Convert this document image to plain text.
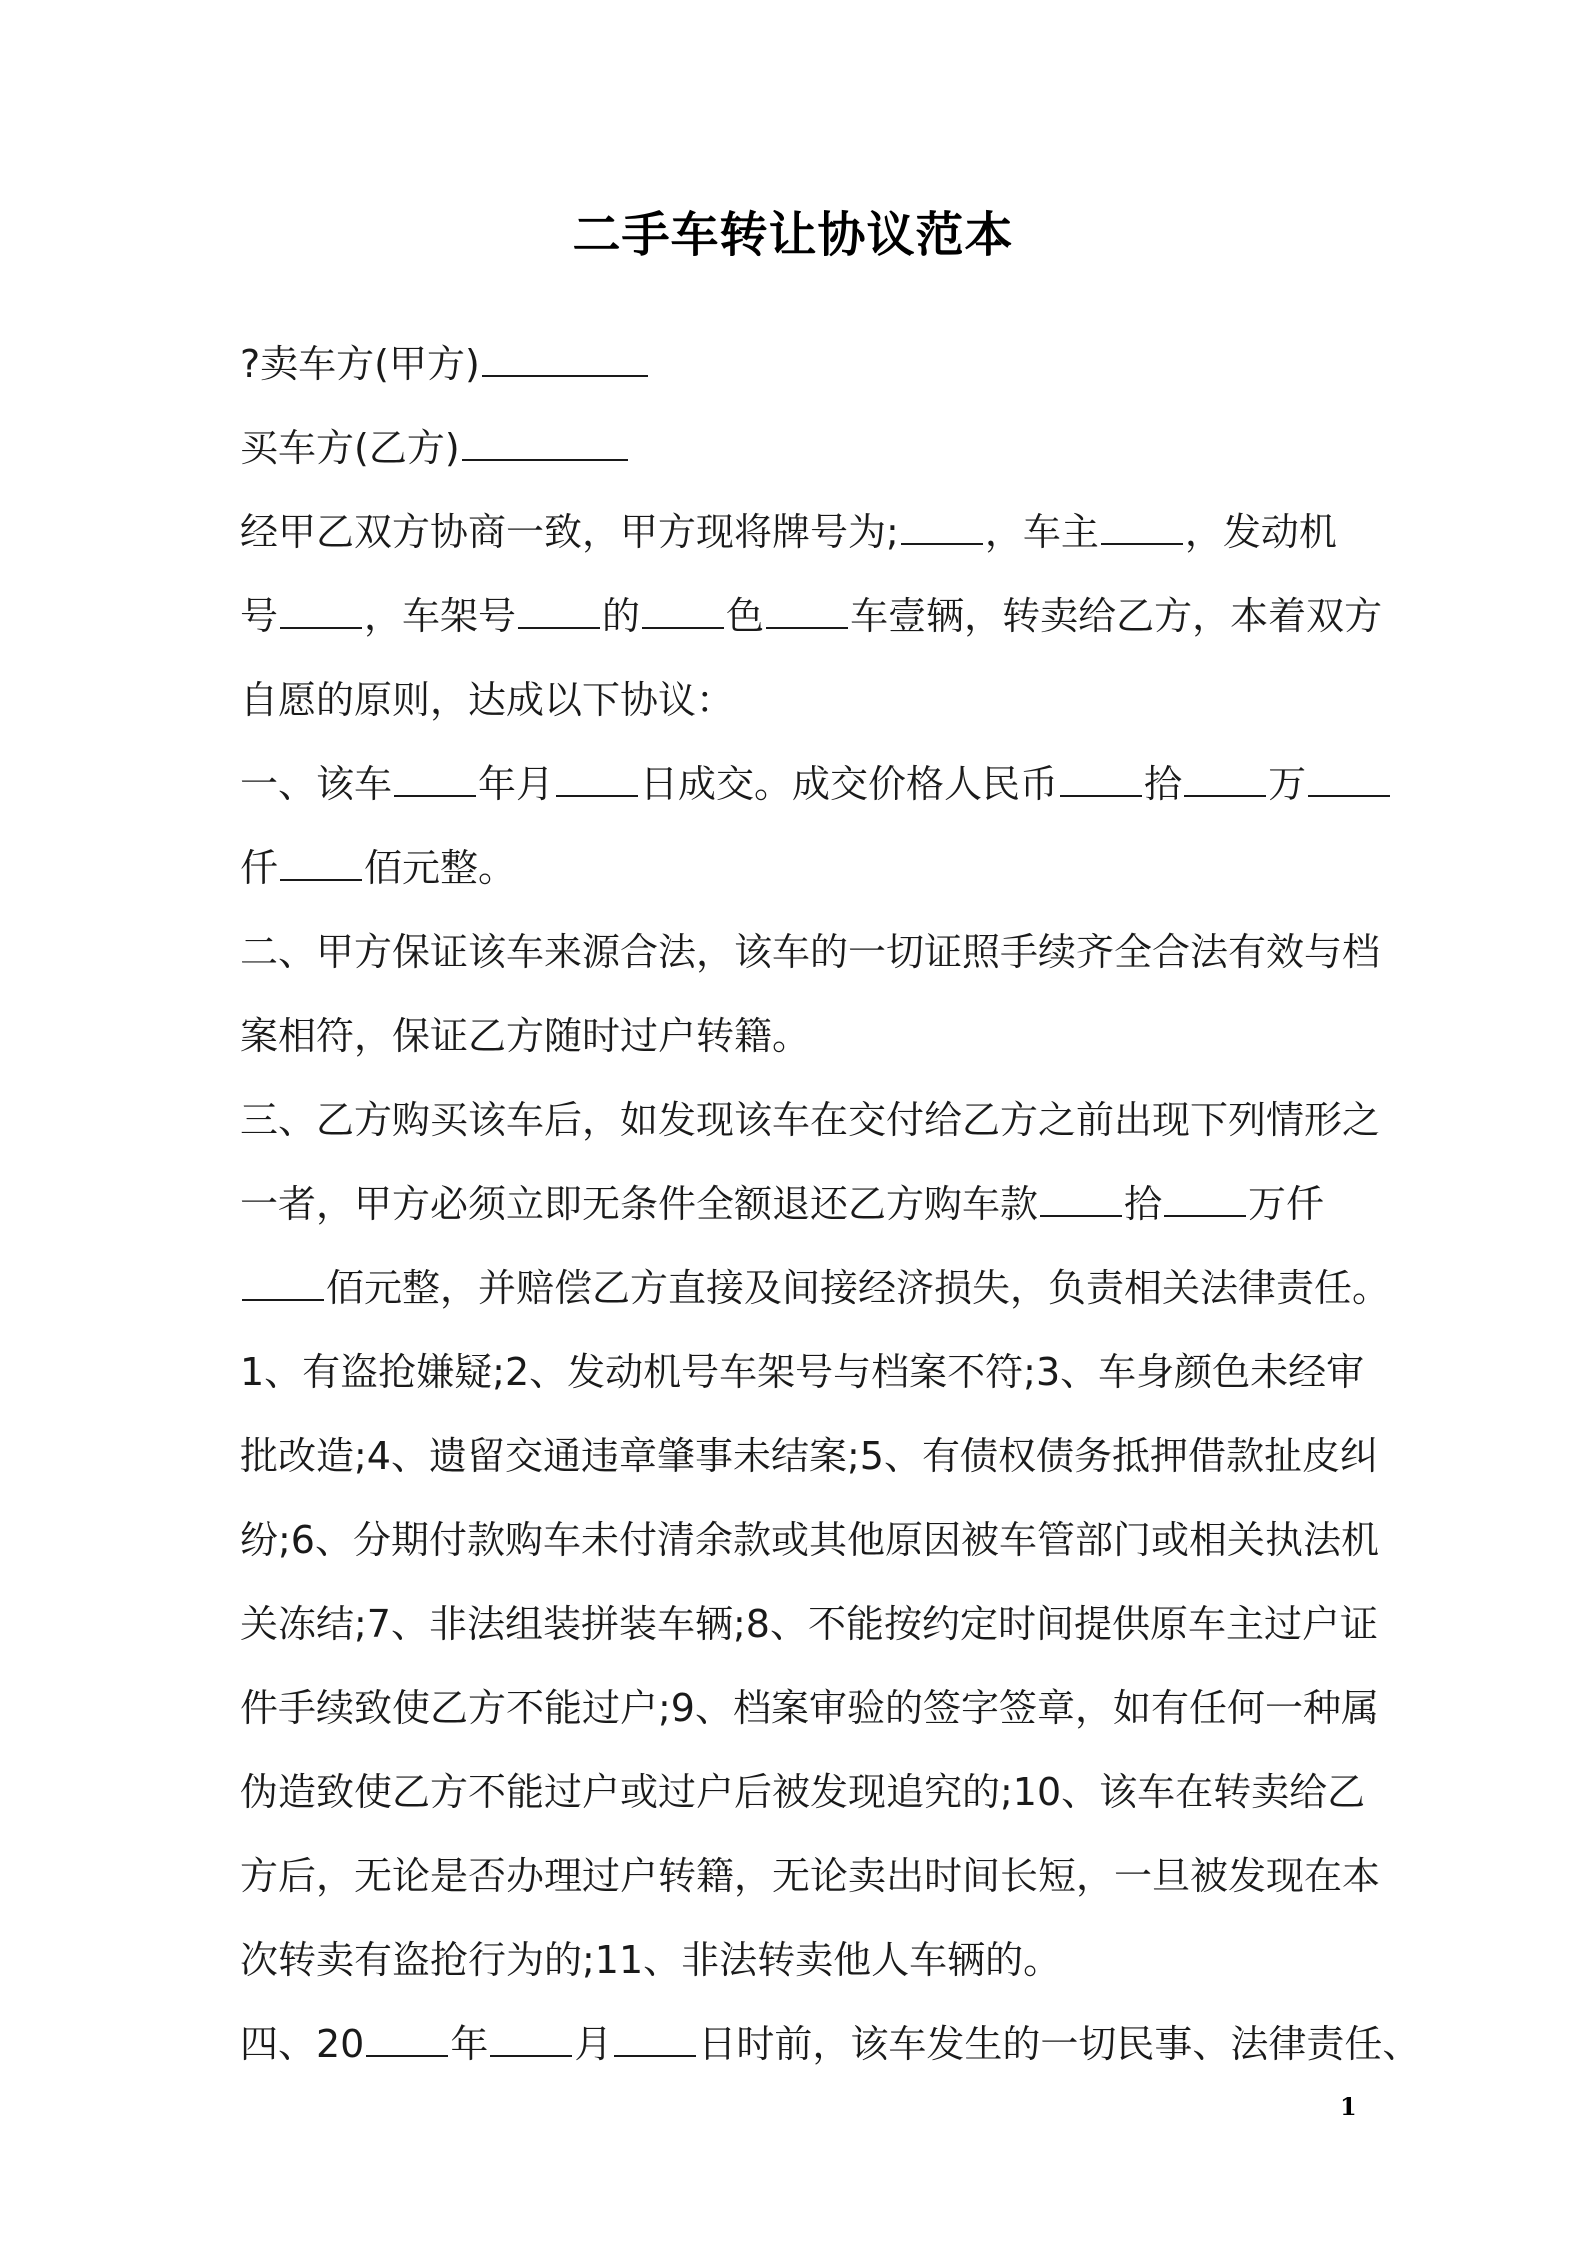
二手车转让协议范本
?卖车方(甲方)
买车方(乙方)
经甲乙双方协商一致，甲方现将牌号为; ，车主 ，发动机
号 ，车架号 的 色 车壹辆，转卖给乙方，本着双方
自愿的原则，达成以下协议：
一、该车 年月 日成交。成交价格人民币 拾 万
仟 佰元整。
二、甲方保证该车来源合法，该车的一切证照手续齐全合法有效与档
案相符，保证乙方随时过户转籍。
三、乙方购买该车后，如发现该车在交付给乙方之前出现下列情形之
一者，甲方必须立即无条件全额退还乙方购车款 拾 万仟
佰元整，并赔偿乙方直接及间接经济损失，负责相关法律责任。
1、有盗抢嫌疑;2、发动机号车架号与档案不符;3、车身颜色未经审
批改造;4、遗留交通违章肇事未结案;5、有债权债务抵押借款扯皮纠
纷;6、分期付款购车未付清余款或其他原因被车管部门或相关执法机
关冻结;7、非法组装拼装车辆;8、不能按约定时间提供原车主过户证
件手续致使乙方不能过户;9、档案审验的签字签章，如有任何一种属
伪造致使乙方不能过户或过户后被发现追究的;10、该车在转卖给乙
方后，无论是否办理过户转籍，无论卖出时间长短，一旦被发现在本
次转卖有盗抢行为的;11、非法转卖他人车辆的。
四、20 年 月 日时前，该车发生的一切民事、法律责任、
1
